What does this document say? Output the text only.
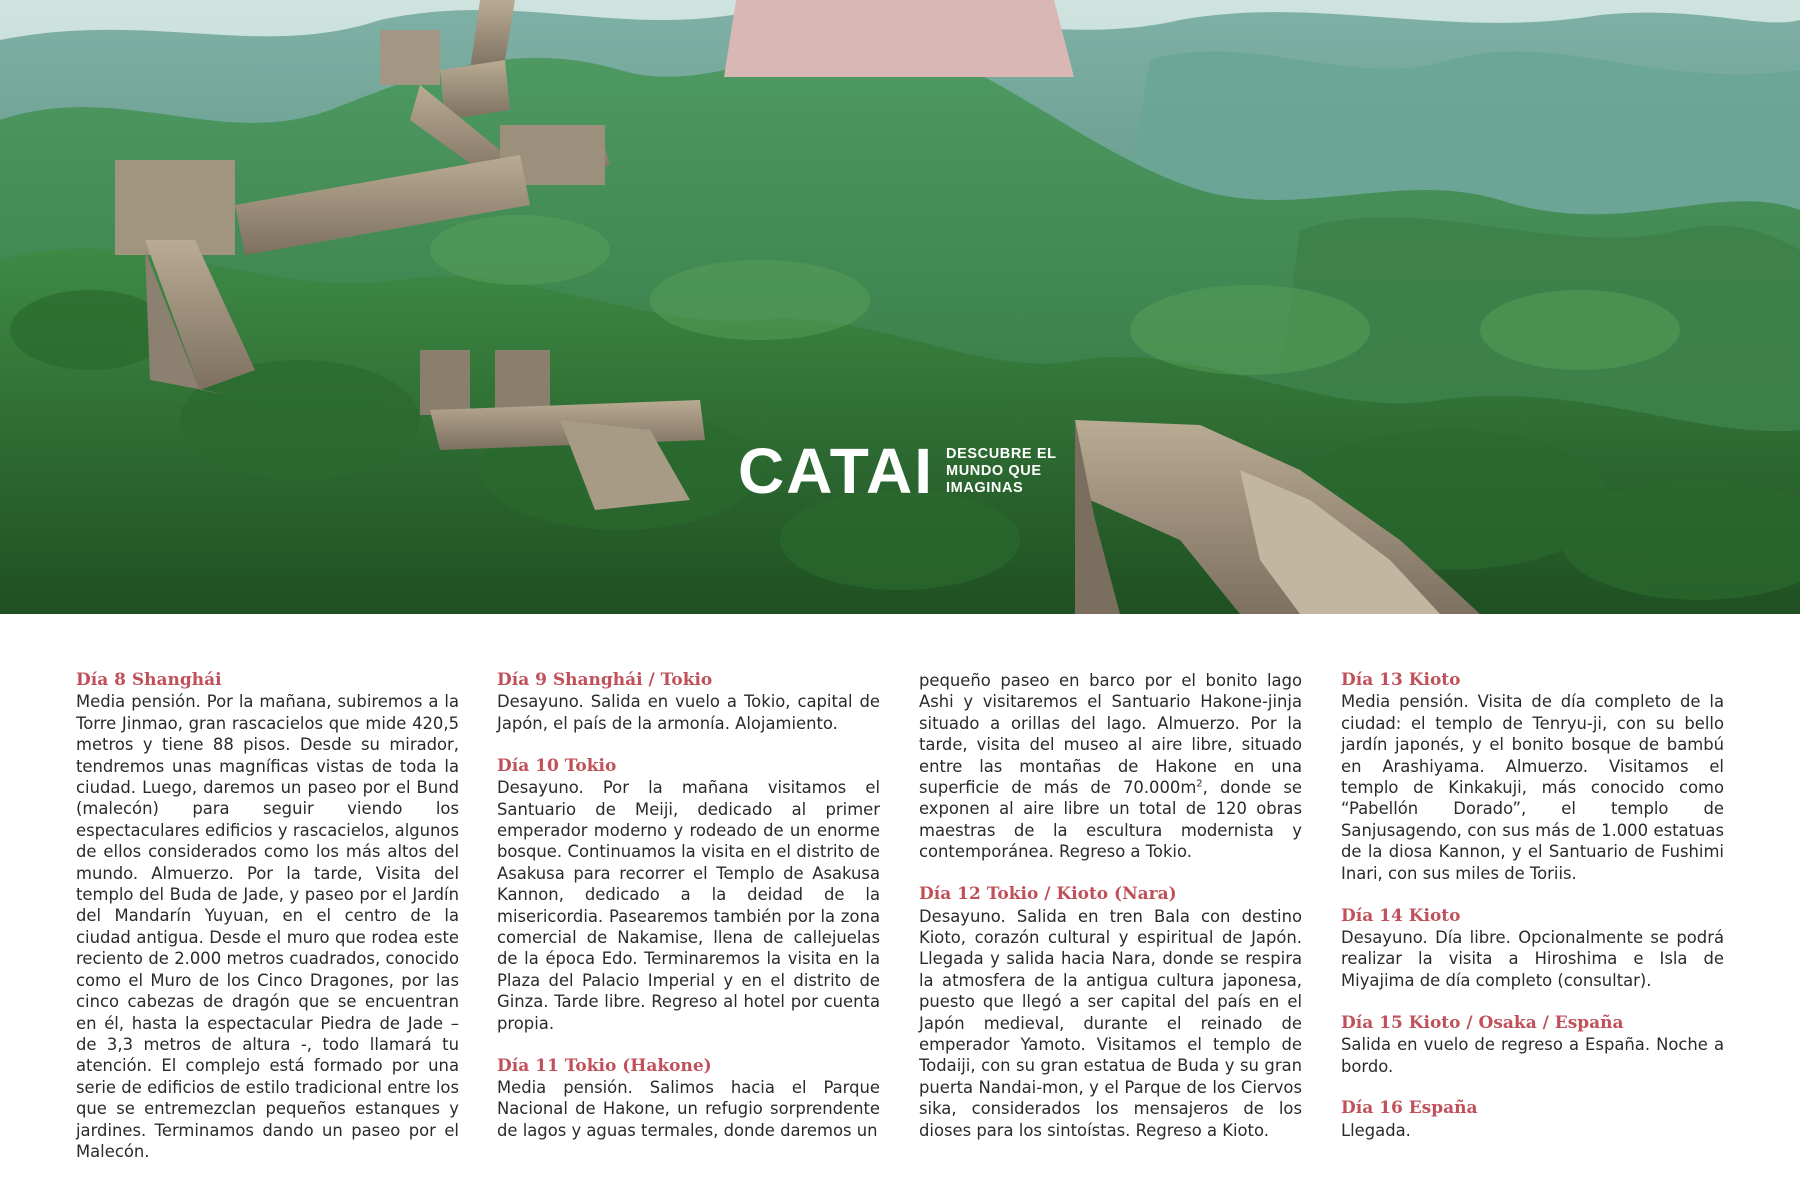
CATAI DESCUBRE EL
MUNDO QUE
IMAGINAS
Día 8 Shanghái

Media pensión. Por la mañana, subiremos a la Torre Jinmao, gran rascacielos que mide 420,5 metros y tiene 88 pisos. Desde su mirador, tendremos unas magníficas vistas de toda la ciudad. Luego, daremos un paseo por el Bund (malecón) para seguir viendo los espectaculares edificios y rascacielos, algunos de ellos considerados como los más altos del mundo. Almuerzo. Por la tarde, Visita del templo del Buda de Jade, y paseo por el Jardín del Mandarín Yuyuan, en el centro de la ciudad antigua. Desde el muro que rodea este reciento de 2.000 metros cuadrados, conocido como el Muro de los Cinco Dragones, por las cinco cabezas de dragón que se encuentran en él, hasta la espectacular Piedra de Jade – de 3,3 metros de altura -, todo llamará tu atención. El complejo está formado por una serie de edificios de estilo tradicional entre los que se entremezclan pequeños estanques y jardines. Terminamos dando un paseo por el Malecón.

Día 9 Shanghái / Tokio

Desayuno. Salida en vuelo a Tokio, capital de Japón, el país de la armonía. Alojamiento.

Día 10 Tokio

Desayuno. Por la mañana visitamos el Santuario de Meiji, dedicado al primer emperador moderno y rodeado de un enorme bosque. Continuamos la visita en el distrito de Asakusa para recorrer el Templo de Asakusa Kannon, dedicado a la deidad de la misericordia. Pasearemos también por la zona comercial de Nakamise, llena de callejuelas de la época Edo. Terminaremos la visita en la Plaza del Palacio Imperial y en el distrito de Ginza. Tarde libre. Regreso al hotel por cuenta propia.

Día 11 Tokio (Hakone)

Media pensión. Salimos hacia el Parque Nacional de Hakone, un refugio sorprendente de lagos y aguas termales, donde daremos un

pequeño paseo en barco por el bonito lago Ashi y visitaremos el Santuario Hakone-jinja situado a orillas del lago. Almuerzo. Por la tarde, visita del museo al aire libre, situado entre las montañas de Hakone en una superficie de más de $70.000m^2$, donde se exponen al aire libre un total de 120 obras maestras de la escultura modernista y contemporánea. Regreso a Tokio.

Día 12 Tokio / Kioto (Nara)

Desayuno. Salida en tren Bala con destino Kioto, corazón cultural y espiritual de Japón. Llegada y salida hacia Nara, donde se respira la atmosfera de la antigua cultura japonesa, puesto que llegó a ser capital del país en el Japón medieval, durante el reinado de emperador Yamoto. Visitamos el templo de Todaiji, con su gran estatua de Buda y su gran puerta Nandai-mon, y el Parque de los Ciervos sika, considerados los mensajeros de los dioses para los sintoístas. Regreso a Kioto.

Día 13 Kioto

Media pensión. Visita de día completo de la ciudad: el templo de Tenryu-ji, con su bello jardín japonés, y el bonito bosque de bambú en Arashiyama. Almuerzo. Visitamos el templo de Kinkakuji, más conocido como “Pabellón Dorado”, el templo de Sanjusagendo, con sus más de 1.000 estatuas de la diosa Kannon, y el Santuario de Fushimi Inari, con sus miles de Toriis.

Día 14 Kioto

Desayuno. Día libre. Opcionalmente se podrá realizar la visita a Hiroshima e Isla de Miyajima de día completo (consultar).

Día 15 Kioto / Osaka / España

Salida en vuelo de regreso a España. Noche a bordo.

Día 16 España

Llegada.
